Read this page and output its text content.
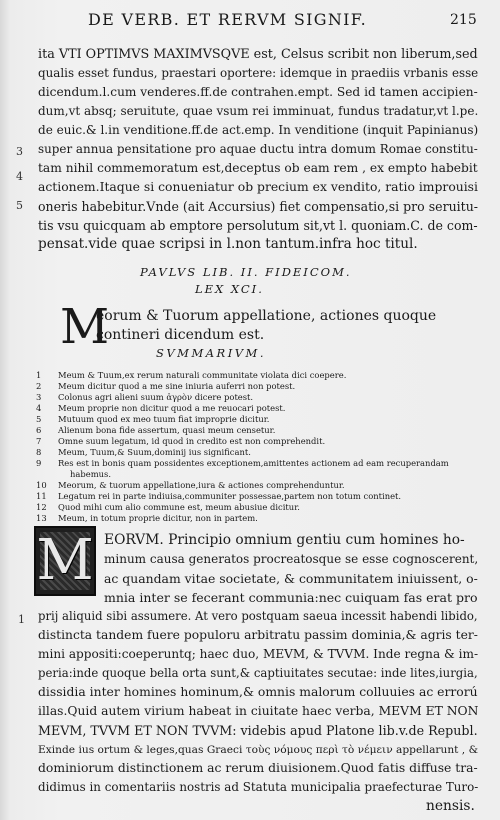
DE VERB. ET RERVM SIGNIF.	215
ita VTI OPTIMVS MAXIMVSQVE est, Celsus scribit non liberum,sed
qualis esset fundus, praestari oportere: idemque in praediis vrbanis esse
dicendum.l.cum venderes.ff.de contrahen.empt. Sed id tamen accipien-
dum,vt absq; seruitute, quae vsum rei imminuat, fundus tradatur,vt l.pe.
de euic.& l.in venditione.ff.de act.emp. In venditione (inquit Papinianus)
super annua pensitatione pro aquae ductu intra domum Romae constitu-
tam nihil commemoratum est,deceptus ob eam rem , ex empto habebit
actionem.Itaque si conueniatur ob precium ex vendito, ratio improuisi
oneris habebitur.Vnde (ait Accursius) fiet compensatio,si pro seruitu-
tis vsu quicquam ab emptore persolutum sit,vt l. quoniam.C. de com-
pensat.vide quae scripsi in l.non tantum.infra hoc titul.
3
4
5
PAVLVS LIB. II. FIDEICOM.
LEX XCI.
M
eorum & Tuorum appellatione, actiones quoque
contineri dicendum est.
SVMMARIVM.
1 Meum & Tuum,ex rerum naturali communitate violata dici coepere.
2 Meum dicitur quod a me sine iniuria auferri non potest.
3 Colonus agri alieni suum ἀγρὸν dicere potest.
4 Meum proprie non dicitur quod a me reuocari potest.
5 Mutuum quod ex meo tuum fiat improprie dicitur.
6 Alienum bona fide assertum, quasi meum censetur.
7 Omne suum legatum, id quod in credito est non comprehendit.
8 Meum, Tuum,& Suum,dominij ius significant.
9 Res est in bonis quam possidentes exceptionem,amittentes actionem ad eam recuperandam
habemus.
10 Meorum, & tuorum appellatione,iura & actiones comprehenduntur.
11 Legatum rei in parte indiuisa,communiter possessae,partem non totum continet.
12 Quod mihi cum alio commune est, meum abusiue dicitur.
13 Meum, in totum proprie dicitur, non in partem.
M EORVM. Principio omnium gentiu cum homines ho-
minum causa generatos procreatosque se esse cognoscerent,
ac quandam vitae societate, & communitatem iniuissent, o-
mnia inter se fecerant communia:nec cuiquam fas erat pro
prij aliquid sibi assumere. At vero postquam saeua incessit habendi libido,
distincta tandem fuere populoru arbitratu passim dominia,& agris ter-
mini appositi:coeperuntq; haec duo, MEVM, & TVVM. Inde regna & im-
peria:inde quoque bella orta sunt,& captiuitates secutae: inde lites,iurgia,
dissidia inter homines hominum,& omnis malorum colluuies ac errorú
illas.Quid autem virium habeat in ciuitate haec verba, MEVM ET NON
MEVM, TVVM ET NON TVVM: videbis apud Platone lib.v.de Republ.
Exinde ius ortum & leges,quas Graeci τοὺς νόμους περὶ τὸ νέμειν appellarunt , &
dominiorum distinctionem ac rerum diuisionem.Quod fatis diffuse tra-
didimus in comentariis nostris ad Statuta municipalia praefecturae Turo-
nensis.
1
